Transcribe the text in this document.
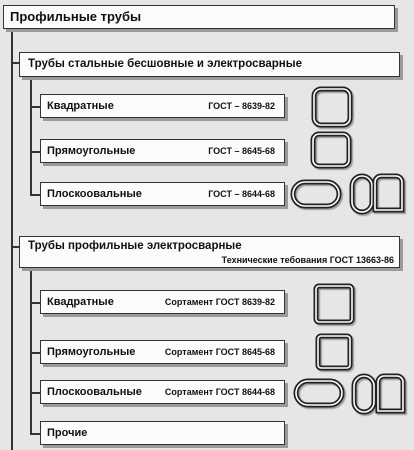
Профильные трубы
Трубы стальные бесшовные и электросварные
Квадратные	ГОСТ – 8639-82
Прямоугольные	ГОСТ – 8645-68
Плоскоовальные	ГОСТ – 8644-68
Трубы профильные электросварные
Технические тебования ГОСТ 13663-86
Квадратные	Сортамент ГОСТ 8639-82
Прямоугольные	Сортамент ГОСТ 8645-68
Плоскоовальные	Сортамент ГОСТ 8644-68
Прочие
